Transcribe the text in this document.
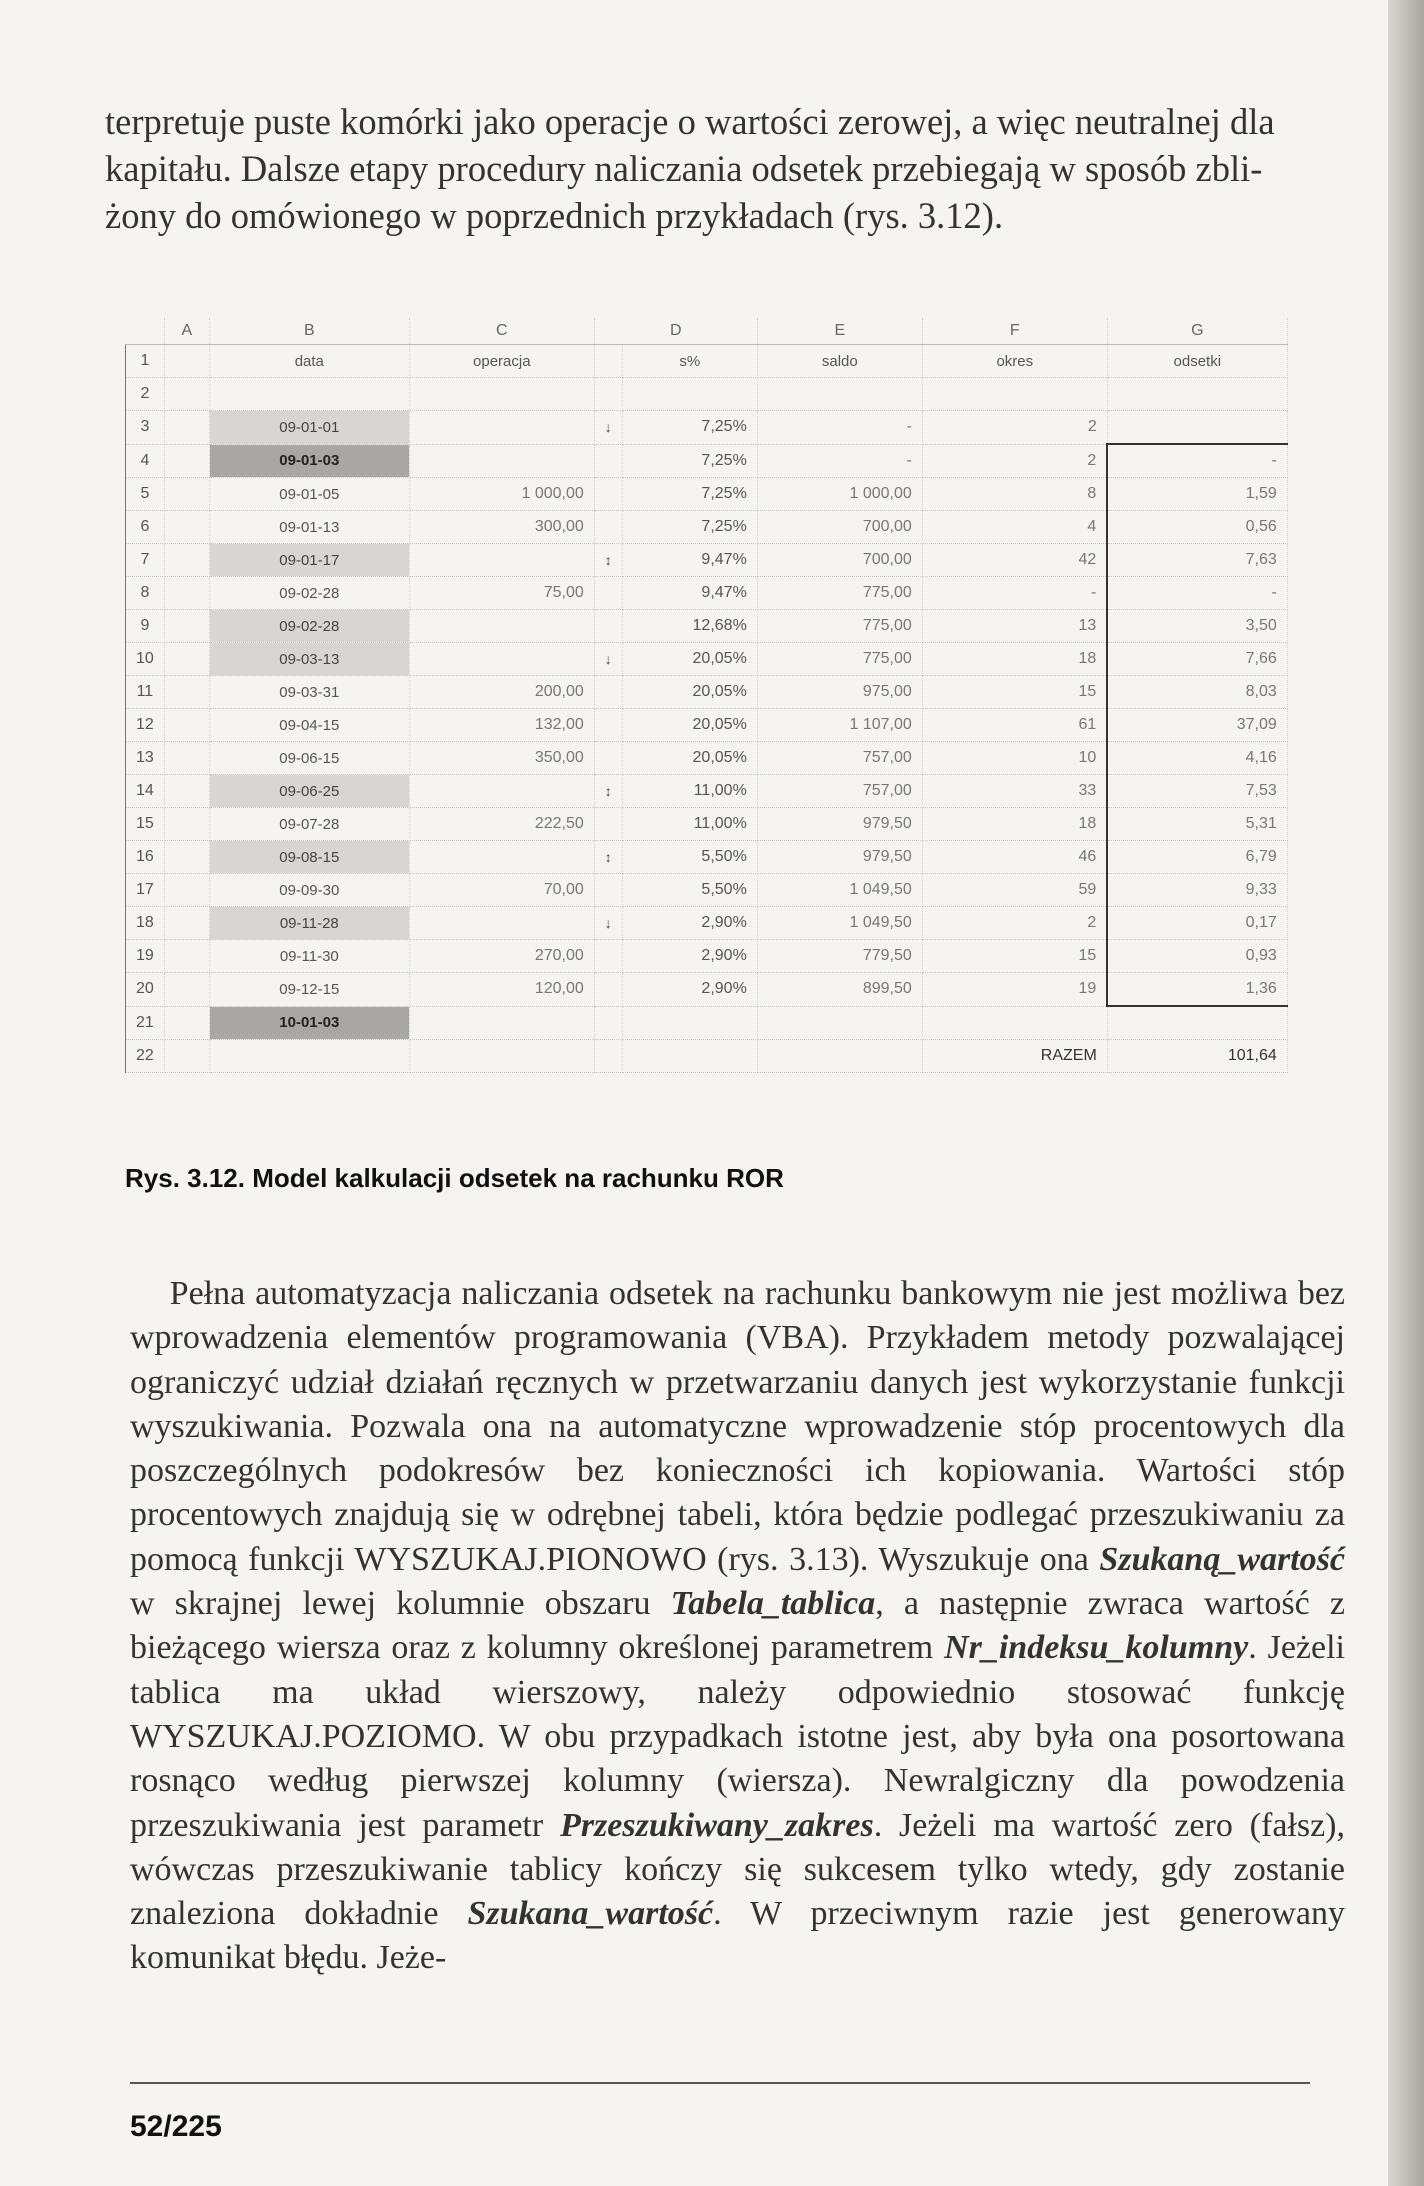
terpretuje puste komórki jako operacje o wartości zerowej, a więc neutralnej dla
kapitału. Dalsze etapy procedury naliczania odsetek przebiegają w sposób zbli-
żony do omówionego w poprzednich przykładach (rys. 3.12).
	A	B	C	D		E	F	G
1		data	operacja		s%	saldo	okres	odsetki
2								
3		09-01-01		↓	7,25%	-	2	
4		09-01-03			7,25%	-	2	-
5		09-01-05	1 000,00		7,25%	1 000,00	8	1,59
6		09-01-13	300,00		7,25%	700,00	4	0,56
7		09-01-17		↕	9,47%	700,00	42	7,63
8		09-02-28	75,00		9,47%	775,00	-	-
9		09-02-28			12,68%	775,00	13	3,50
10		09-03-13		↓	20,05%	775,00	18	7,66
11		09-03-31	200,00		20,05%	975,00	15	8,03
12		09-04-15	132,00		20,05%	1 107,00	61	37,09
13		09-06-15	350,00		20,05%	757,00	10	4,16
14		09-06-25		↕	11,00%	757,00	33	7,53
15		09-07-28	222,50		11,00%	979,50	18	5,31
16		09-08-15		↕	5,50%	979,50	46	6,79
17		09-09-30	70,00		5,50%	1 049,50	59	9,33
18		09-11-28		↓	2,90%	1 049,50	2	0,17
19		09-11-30	270,00		2,90%	779,50	15	0,93
20		09-12-15	120,00		2,90%	899,50	19	1,36
21		10-01-03						
22							RAZEM	101,64
Rys. 3.12. Model kalkulacji odsetek na rachunku ROR

Pełna automatyzacja naliczania odsetek na rachunku bankowym nie jest możliwa bez wprowadzenia elementów programowania (VBA). Przykładem metody pozwalającej ograniczyć udział działań ręcznych w przetwarzaniu danych jest wykorzystanie funkcji wyszukiwania. Pozwala ona na automatyczne wprowadzenie stóp procentowych dla poszczególnych podokresów bez konieczności ich kopiowania. Wartości stóp procentowych znajdują się w odrębnej tabeli, która będzie podlegać przeszukiwaniu za pomocą funkcji WYSZUKAJ.PIONOWO (rys. 3.13). Wyszukuje ona Szukaną_wartość w skrajnej lewej kolumnie obszaru Tabela_tablica, a następnie zwraca wartość z bieżącego wiersza oraz z kolumny określonej parametrem Nr_indeksu_kolumny. Jeżeli tablica ma układ wierszowy, należy odpowiednio stosować funkcję WYSZUKAJ.POZIOMO. W obu przypadkach istotne jest, aby była ona posortowana rosnąco według pierwszej kolumny (wiersza). Newralgiczny dla powodzenia przeszukiwania jest parametr Przeszukiwany_zakres. Jeżeli ma wartość zero (fałsz), wówczas przeszukiwanie tablicy kończy się sukcesem tylko wtedy, gdy zostanie znaleziona dokładnie Szukana_wartość. W przeciwnym razie jest generowany komunikat błędu. Jeże-

52/225
